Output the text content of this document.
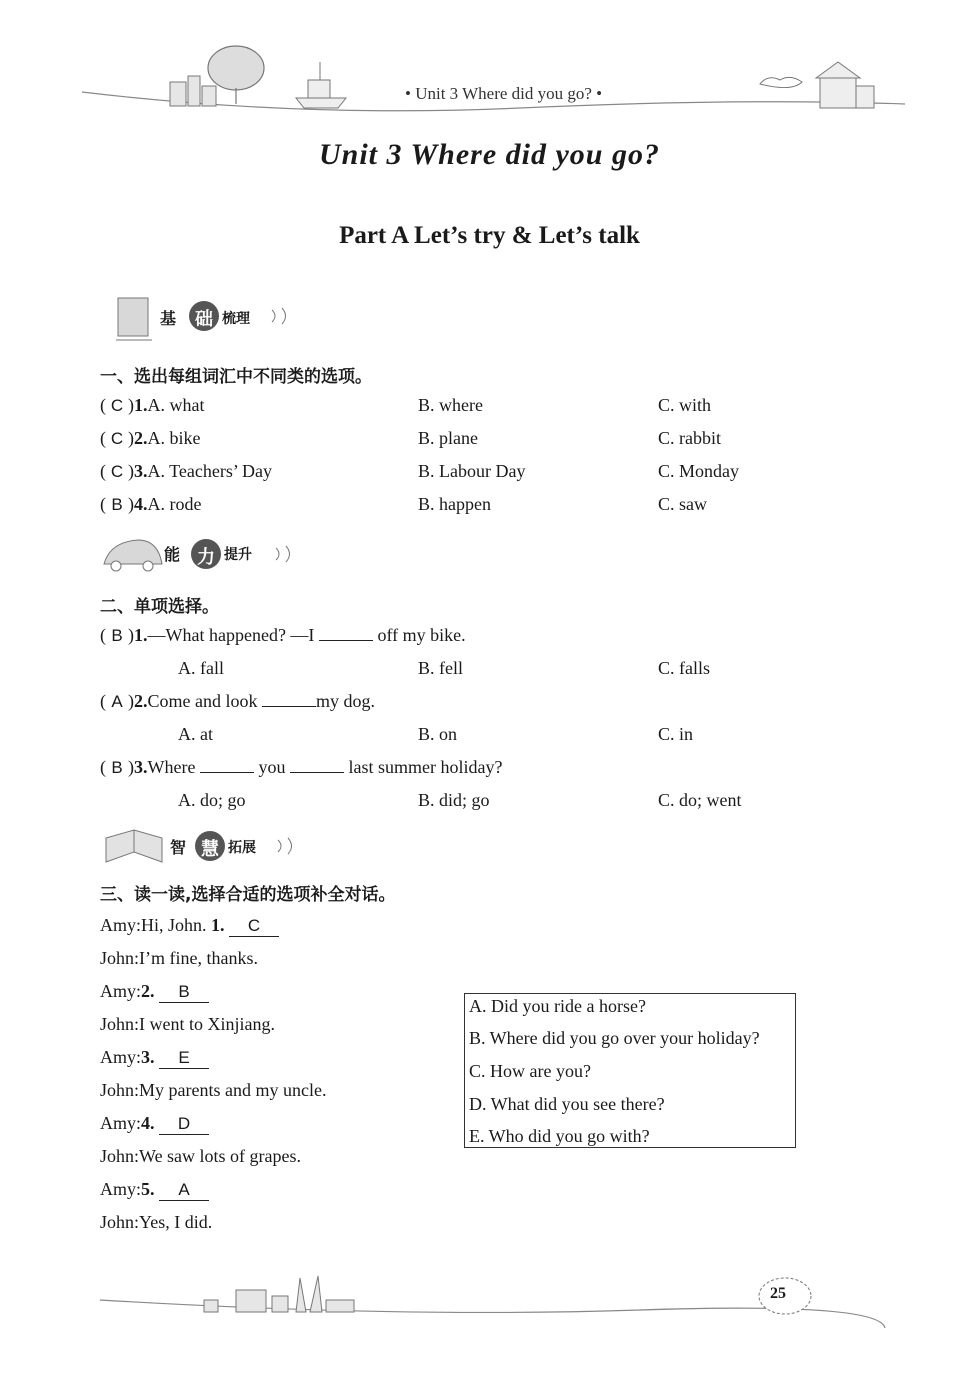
• Unit 3 Where did you go? •
Unit 3 Where did you go?
Part A Let’s try & Let’s talk
基 础 梳理
一、选出每组词汇中不同类的选项。
( C )1.A. what	B. where	C. with
( C )2.A. bike	B. plane	C. rabbit
( C )3.A. Teachers’ Day	B. Labour Day	C. Monday
( B )4.A. rode	B. happen	C. saw
能 力 提升
二、单项选择。
( B )1.—What happened? —I	off my bike.
A. fall	B. fell	C. falls
( A )2.Come and look	my dog.
A. at	B. on	C. in
( B )3.Where	you	last summer holiday?
A. do; go	B. did; go	C. do; went
智 慧 拓展
三、读一读,选择合适的选项补全对话。
Amy:Hi, John. 1. C
John:I’m fine, thanks.
Amy:2. B
John:I went to Xinjiang.
Amy:3. E
John:My parents and my uncle.
Amy:4. D
John:We saw lots of grapes.
Amy:5. A
John:Yes, I did.
A. Did you ride a horse?
B. Where did you go over your holiday?
C. How are you?
D. What did you see there?
E. Who did you go with?
25
